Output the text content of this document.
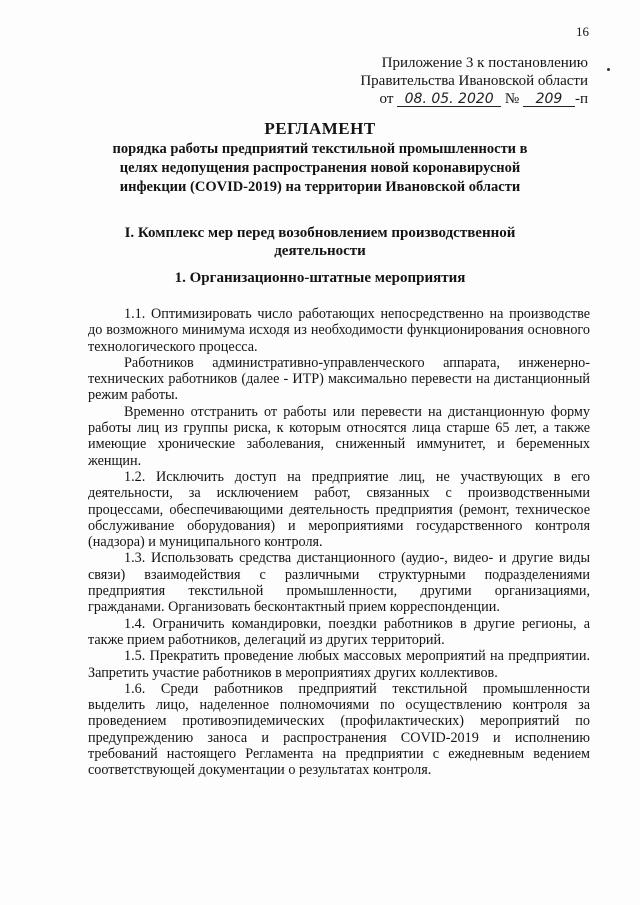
16
Приложение 3 к постановлению
Правительства Ивановской области
от 08. 05. 2020 № 209 -п
РЕГЛАМЕНТ
порядка работы предприятий текстильной промышленности в целях недопущения распространения новой коронавирусной инфекции (COVID-2019) на территории Ивановской области
I. Комплекс мер перед возобновлением производственной деятельности
1. Организационно-штатные мероприятия

1.1. Оптимизировать число работающих непосредственно на производстве до возможного минимума исходя из необходимости функционирования основного технологического процесса.

Работников административно-управленческого аппарата, инженерно-технических работников (далее - ИТР) максимально перевести на дистанционный режим работы.

Временно отстранить от работы или перевести на дистанционную форму работы лиц из группы риска, к которым относятся лица старше 65 лет, а также имеющие хронические заболевания, сниженный иммунитет, и беременных женщин.

1.2. Исключить доступ на предприятие лиц, не участвующих в его деятельности, за исключением работ, связанных с производственными процессами, обеспечивающими деятельность предприятия (ремонт, техническое обслуживание оборудования) и мероприятиями государственного контроля (надзора) и муниципального контроля.

1.3. Использовать средства дистанционного (аудио-, видео- и другие виды связи) взаимодействия с различными структурными подразделениями предприятия текстильной промышленности, другими организациями, гражданами. Организовать бесконтактный прием корреспонденции.

1.4. Ограничить командировки, поездки работников в другие регионы, а также прием работников, делегаций из других территорий.

1.5. Прекратить проведение любых массовых мероприятий на предприятии. Запретить участие работников в мероприятиях других коллективов.

1.6. Среди работников предприятий текстильной промышленности выделить лицо, наделенное полномочиями по осуществлению контроля за проведением противоэпидемических (профилактических) мероприятий по предупреждению заноса и распространения COVID-2019 и исполнению требований настоящего Регламента на предприятии с ежедневным ведением соответствующей документации о результатах контроля.
